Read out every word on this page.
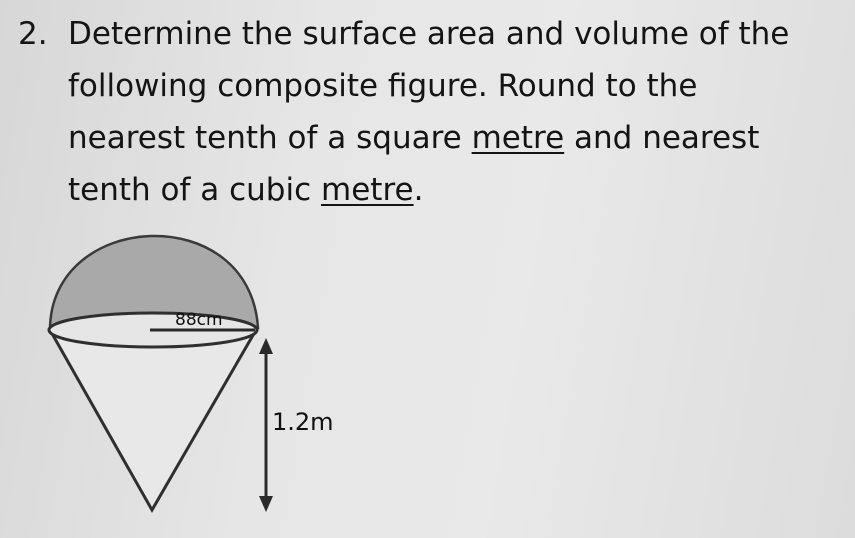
2. Determine the surface area and volume of the
following composite figure. Round to the
nearest tenth of a square metre and nearest
tenth of a cubic metre.
88cm
1.2m
